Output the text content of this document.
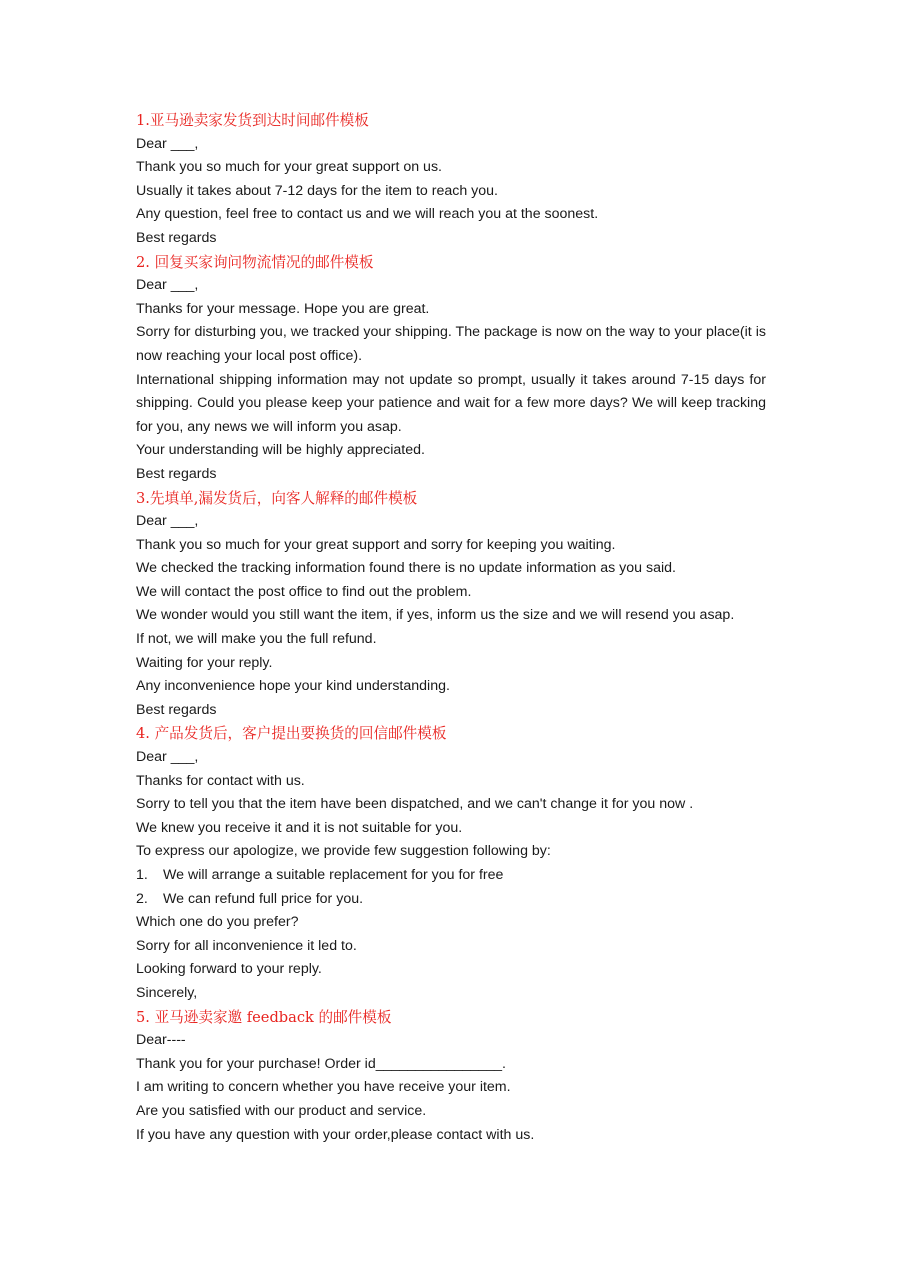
1.亚马逊卖家发货到达时间邮件模板
Dear ___,
Thank you so much for your great support on us.
Usually it takes about 7-12 days for the item to reach you.
Any question, feel free to contact us and we will reach you at the soonest.
Best regards
2. 回复买家询问物流情况的邮件模板
Dear ___,
Thanks for your message. Hope you are great.
Sorry for disturbing you, we tracked your shipping. The package is now on the way to your place(it is now reaching your local post office).
International shipping information may not update so prompt, usually it takes around 7-15 days for shipping. Could you please keep your patience and wait for a few more days? We will keep tracking for you, any news we will inform you asap.
Your understanding will be highly appreciated.
Best regards
3.先填单,漏发货后，向客人解释的邮件模板
Dear ___,
Thank you so much for your great support and sorry for keeping you waiting.
We checked the tracking information found there is no update information as you said.
We will contact the post office to find out the problem.
We wonder would you still want the item, if yes, inform us the size and we will resend you asap.
If not, we will make you the full refund.
Waiting for your reply.
Any inconvenience hope your kind understanding.
Best regards
4. 产品发货后，客户提出要换货的回信邮件模板
Dear ___,
Thanks for contact with us.
Sorry to tell you that the item have been dispatched, and we can't change it for you now .
We knew you receive it and it is not suitable for you.
To express our apologize, we provide few suggestion following by:
1.	We will arrange a suitable replacement for you for free
2.	We can refund full price for you.
Which one do you prefer?
Sorry for all inconvenience it led to.
Looking forward to your reply.
Sincerely,
5. 亚马逊卖家邀 feedback 的邮件模板
Dear----
Thank you for your purchase! Order id________________.
I am writing to concern whether you have receive your item.
Are you satisfied with our product and service.
If you have any question with your order,please contact with us.
